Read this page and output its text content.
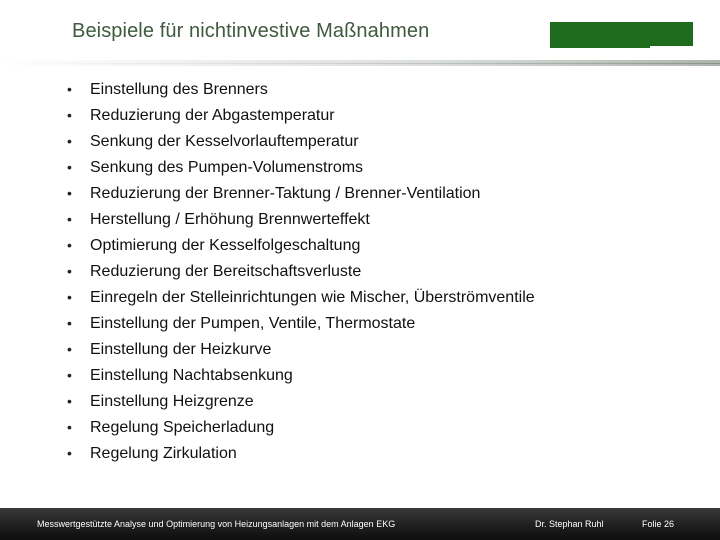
Beispiele für nichtinvestive Maßnahmen
• Einstellung des Brenners
• Reduzierung der Abgastemperatur
• Senkung der Kesselvorlauftemperatur
• Senkung des Pumpen-Volumenstroms
• Reduzierung der Brenner-Taktung / Brenner-Ventilation
• Herstellung / Erhöhung Brennwerteffekt
• Optimierung der Kesselfolgeschaltung
• Reduzierung der Bereitschaftsverluste
• Einregeln der Stelleinrichtungen wie Mischer, Überströmventile
• Einstellung der Pumpen, Ventile, Thermostate
• Einstellung der Heizkurve
• Einstellung Nachtabsenkung
• Einstellung Heizgrenze
• Regelung Speicherladung
• Regelung Zirkulation
Messwertgestützte Analyse und Optimierung von Heizungsanlagen mit dem Anlagen EKG	Dr. Stephan Ruhl	Folie 26
